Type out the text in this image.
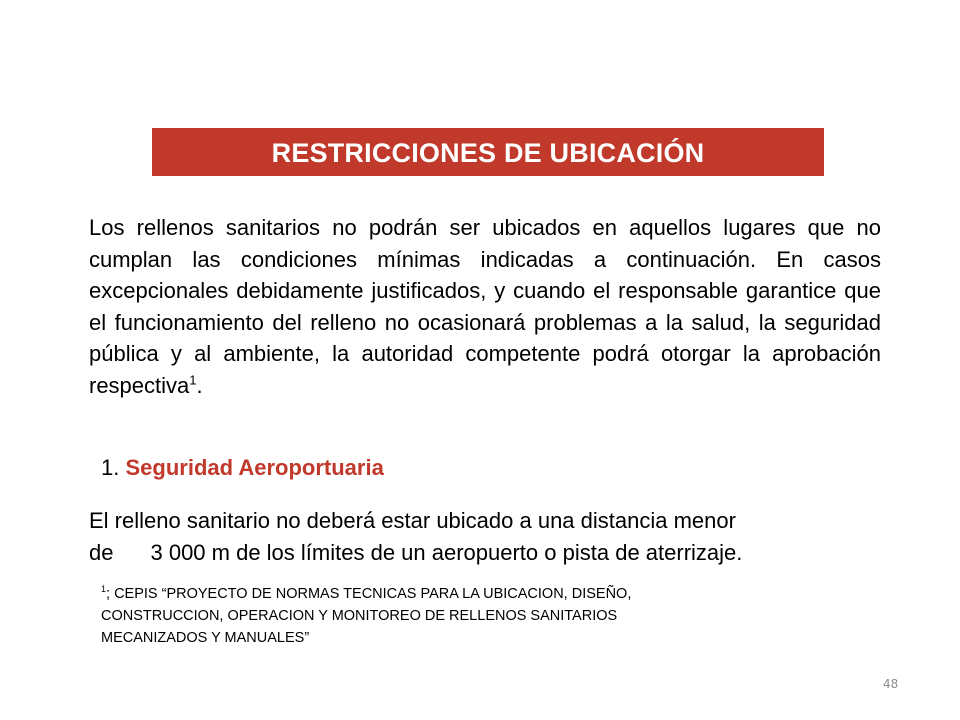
RESTRICCIONES DE UBICACIÓN

Los rellenos sanitarios no podrán ser ubicados en aquellos lugares que no cumplan las condiciones mínimas indicadas a continuación. En casos excepcionales debidamente justificados, y cuando el responsable garantice que el funcionamiento del relleno no ocasionará problemas a la salud, la seguridad pública y al ambiente, la autoridad competente podrá otorgar la aprobación respectiva$^1$.

1. Seguridad Aeroportuaria

El relleno sanitario no deberá estar ubicado a una distancia menor
de 3 000 m de los límites de un aeropuerto o pista de aterrizaje.

$^1$; CEPIS “PROYECTO DE NORMAS TECNICAS PARA LA UBICACION, DISEÑO,
CONSTRUCCION, OPERACION Y MONITOREO DE RELLENOS SANITARIOS
MECANIZADOS Y MANUALES”

48
